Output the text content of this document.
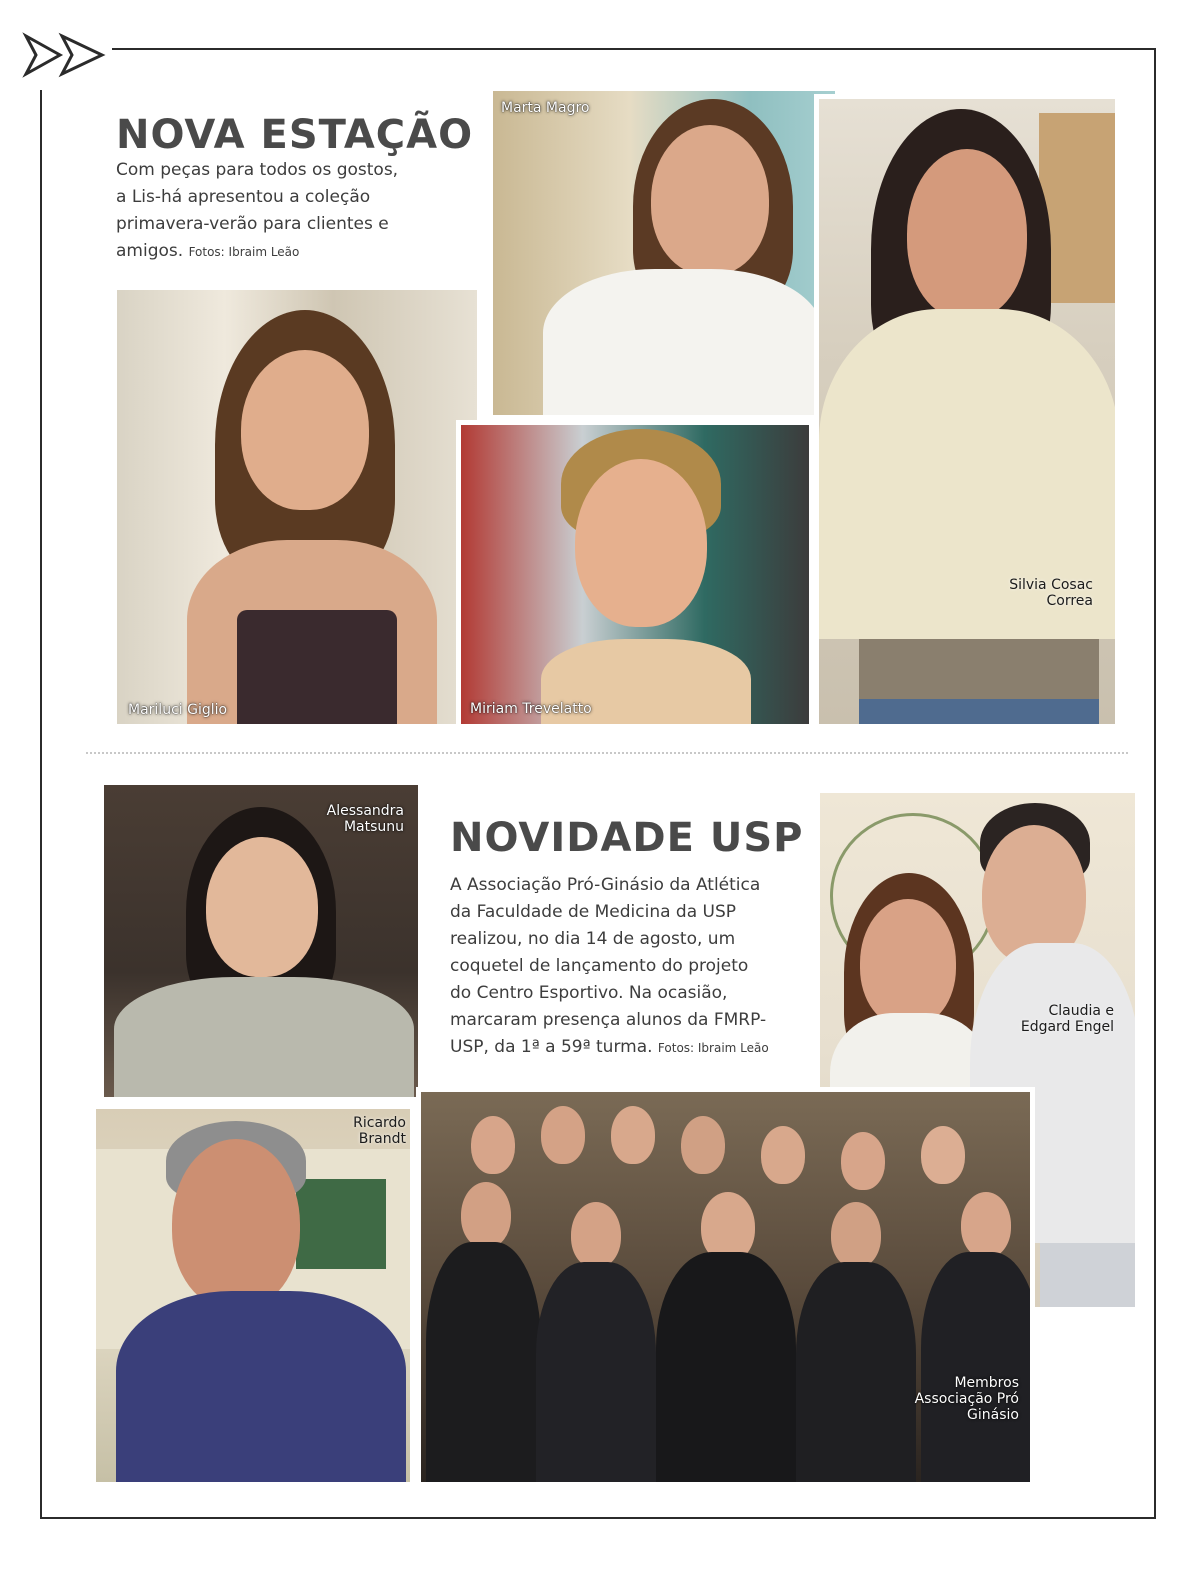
NOVA ESTAÇÃO

Com peças para todos os gostos,
a Lis-há apresentou a coleção
primavera-verão para clientes e
amigos. Fotos: Ibraim Leão

Mariluci Giglio
Marta Magro
Miriam Trevelatto
Silvia Cosac
Correa
NOVIDADE USP

A Associação Pró-Ginásio da Atlética
da Faculdade de Medicina da USP
realizou, no dia 14 de agosto, um
coquetel de lançamento do projeto
do Centro Esportivo. Na ocasião,
marcaram presença alunos da FMRP-
USP, da 1ª a 59ª turma. Fotos: Ibraim Leão

Alessandra
Matsunu
Claudia e
Edgard Engel
Ricardo
Brandt
Membros
Associação Pró
Ginásio
